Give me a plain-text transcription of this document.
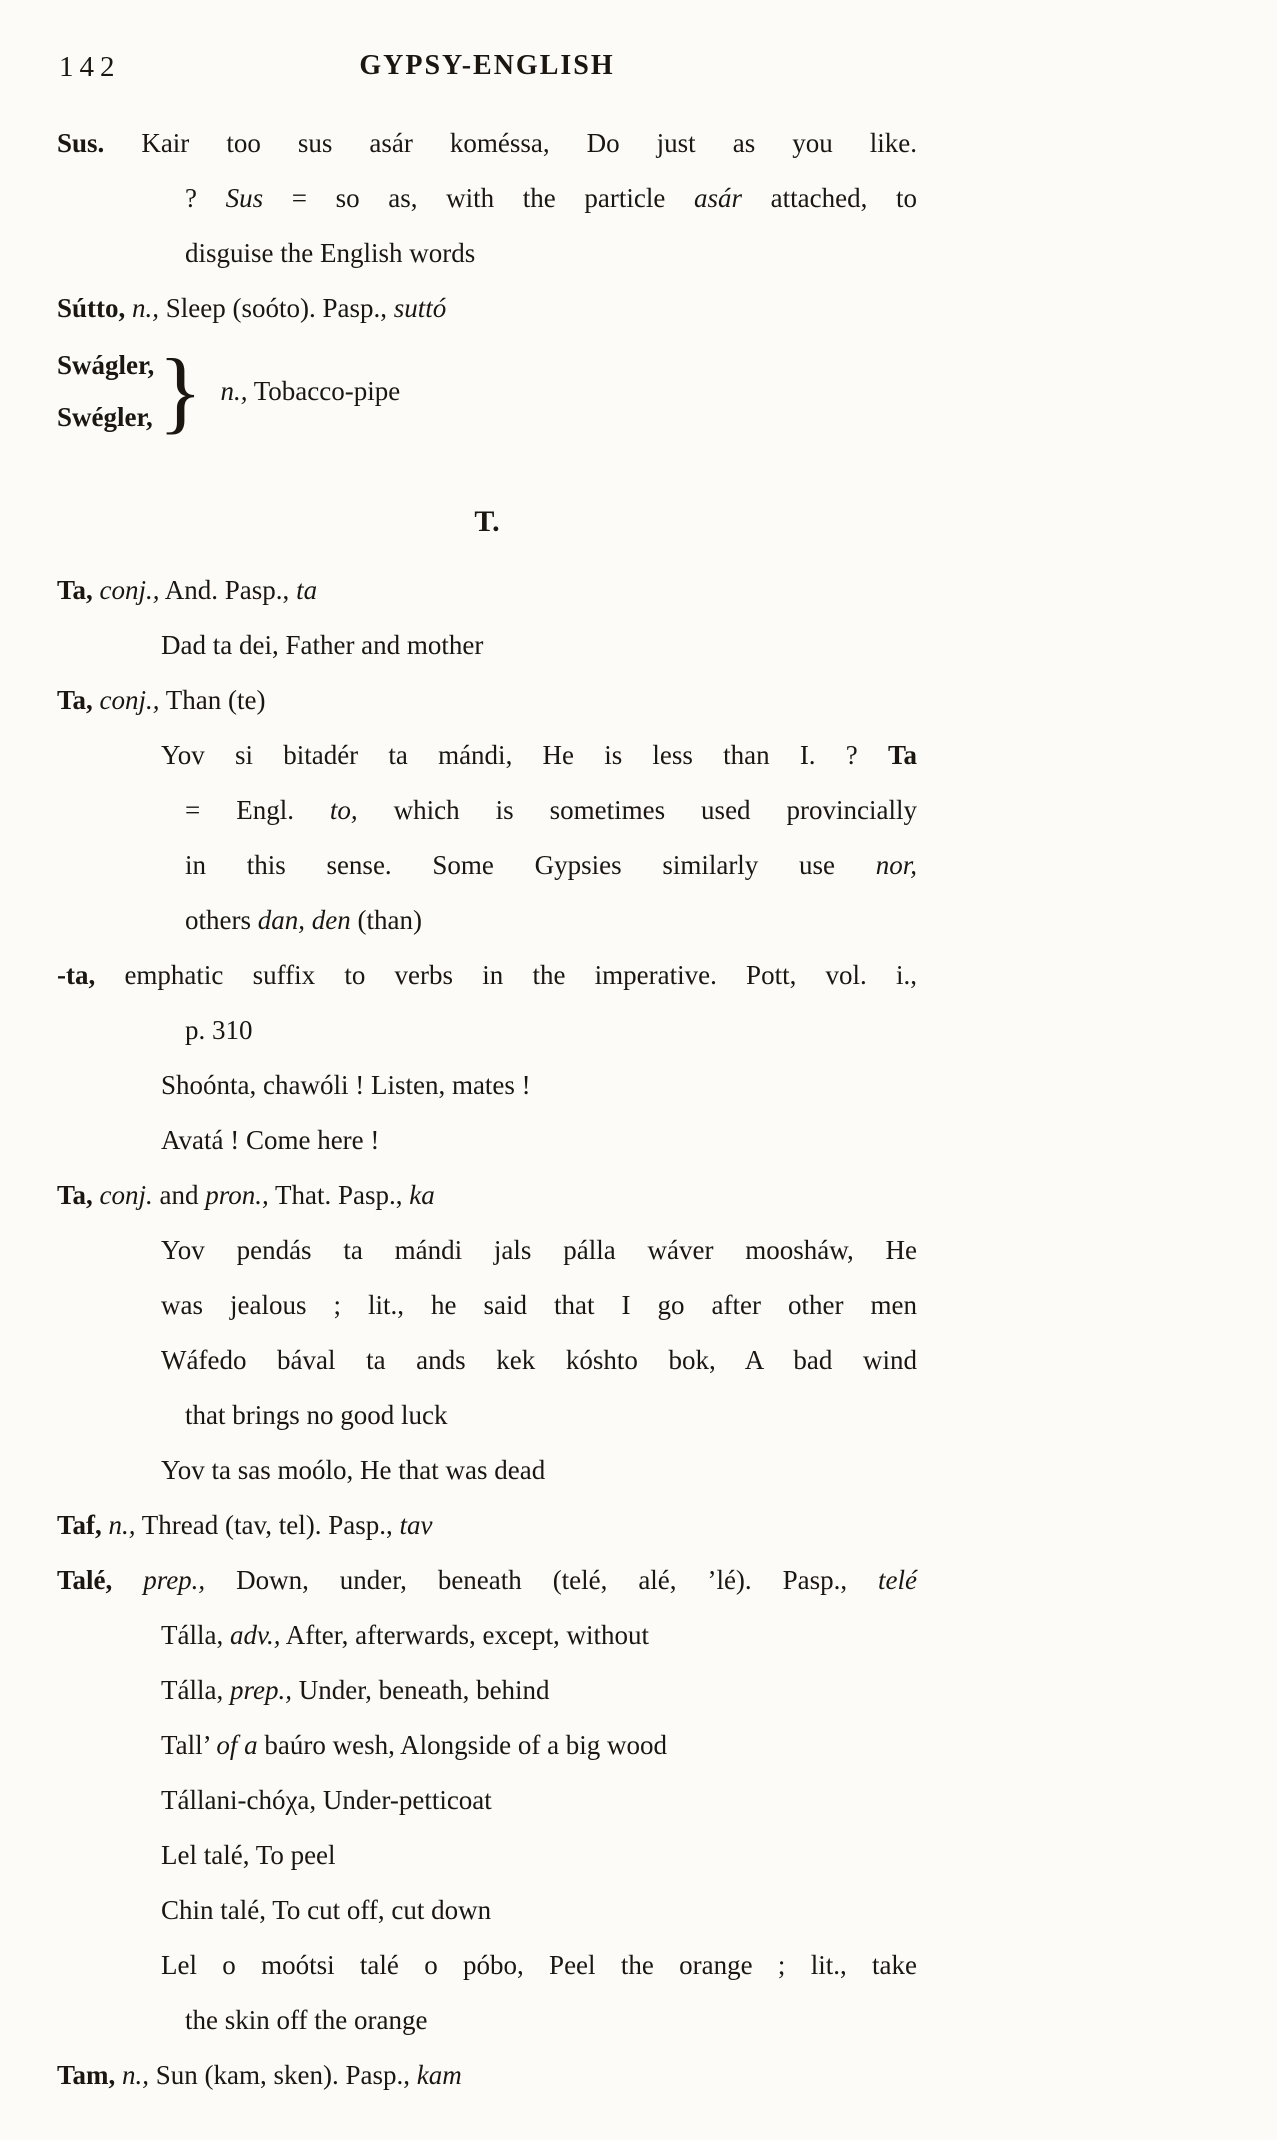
142	GYPSY-ENGLISH
Sus. Kair too sus asár koméssa, Do just as you like.
? Sus = so as, with the particle asár attached, to
disguise the English words
Sútto, n., Sleep (soóto). Pasp., suttó
Swágler,
Swégler, } n., Tobacco-pipe
T.
Ta, conj., And. Pasp., ta
Dad ta dei, Father and mother
Ta, conj., Than (te)
Yov si bitadér ta mándi, He is less than I. ? Ta
= Engl. to, which is sometimes used provincially
in this sense. Some Gypsies similarly use nor,
others dan, den (than)
-ta, emphatic suffix to verbs in the imperative. Pott, vol. i.,
p. 310
Shoónta, chawóli ! Listen, mates !
Avatá ! Come here !
Ta, conj. and pron., That. Pasp., ka
Yov pendás ta mándi jals pálla wáver moosháw, He
was jealous ; lit., he said that I go after other men
Wáfedo bával ta ands kek kóshto bok, A bad wind
that brings no good luck
Yov ta sas moólo, He that was dead
Taf, n., Thread (tav, tel). Pasp., tav
Talé, prep., Down, under, beneath (telé, alé, ’lé). Pasp., telé
Tálla, adv., After, afterwards, except, without
Tálla, prep., Under, beneath, behind
Tall’ of a baúro wesh, Alongside of a big wood
Tállani-chóχa, Under-petticoat
Lel talé, To peel
Chin talé, To cut off, cut down
Lel o moótsi talé o póbo, Peel the orange ; lit., take
the skin off the orange
Tam, n., Sun (kam, sken). Pasp., kam
